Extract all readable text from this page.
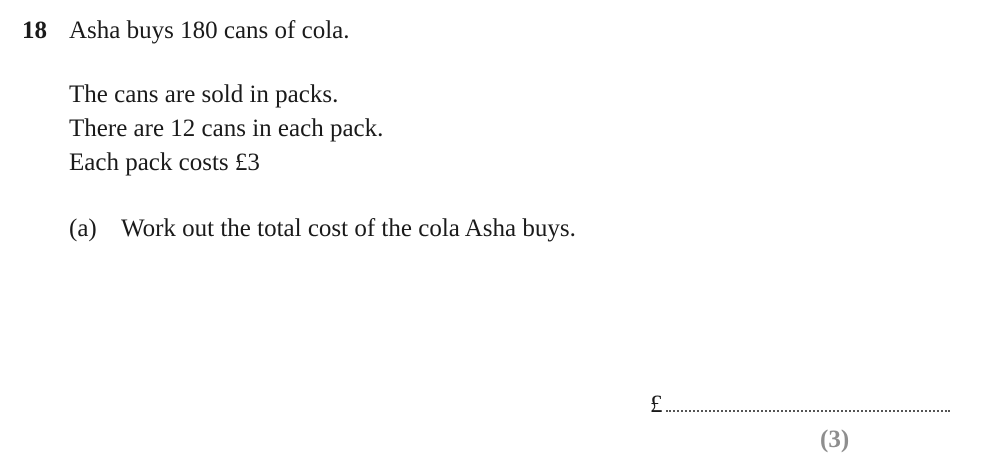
18 Asha buys 180 cans of cola.

The cans are sold in packs.

There are 12 cans in each pack.

Each pack costs £3

(a) Work out the total cost of the cola Asha buys.
£
(3)
